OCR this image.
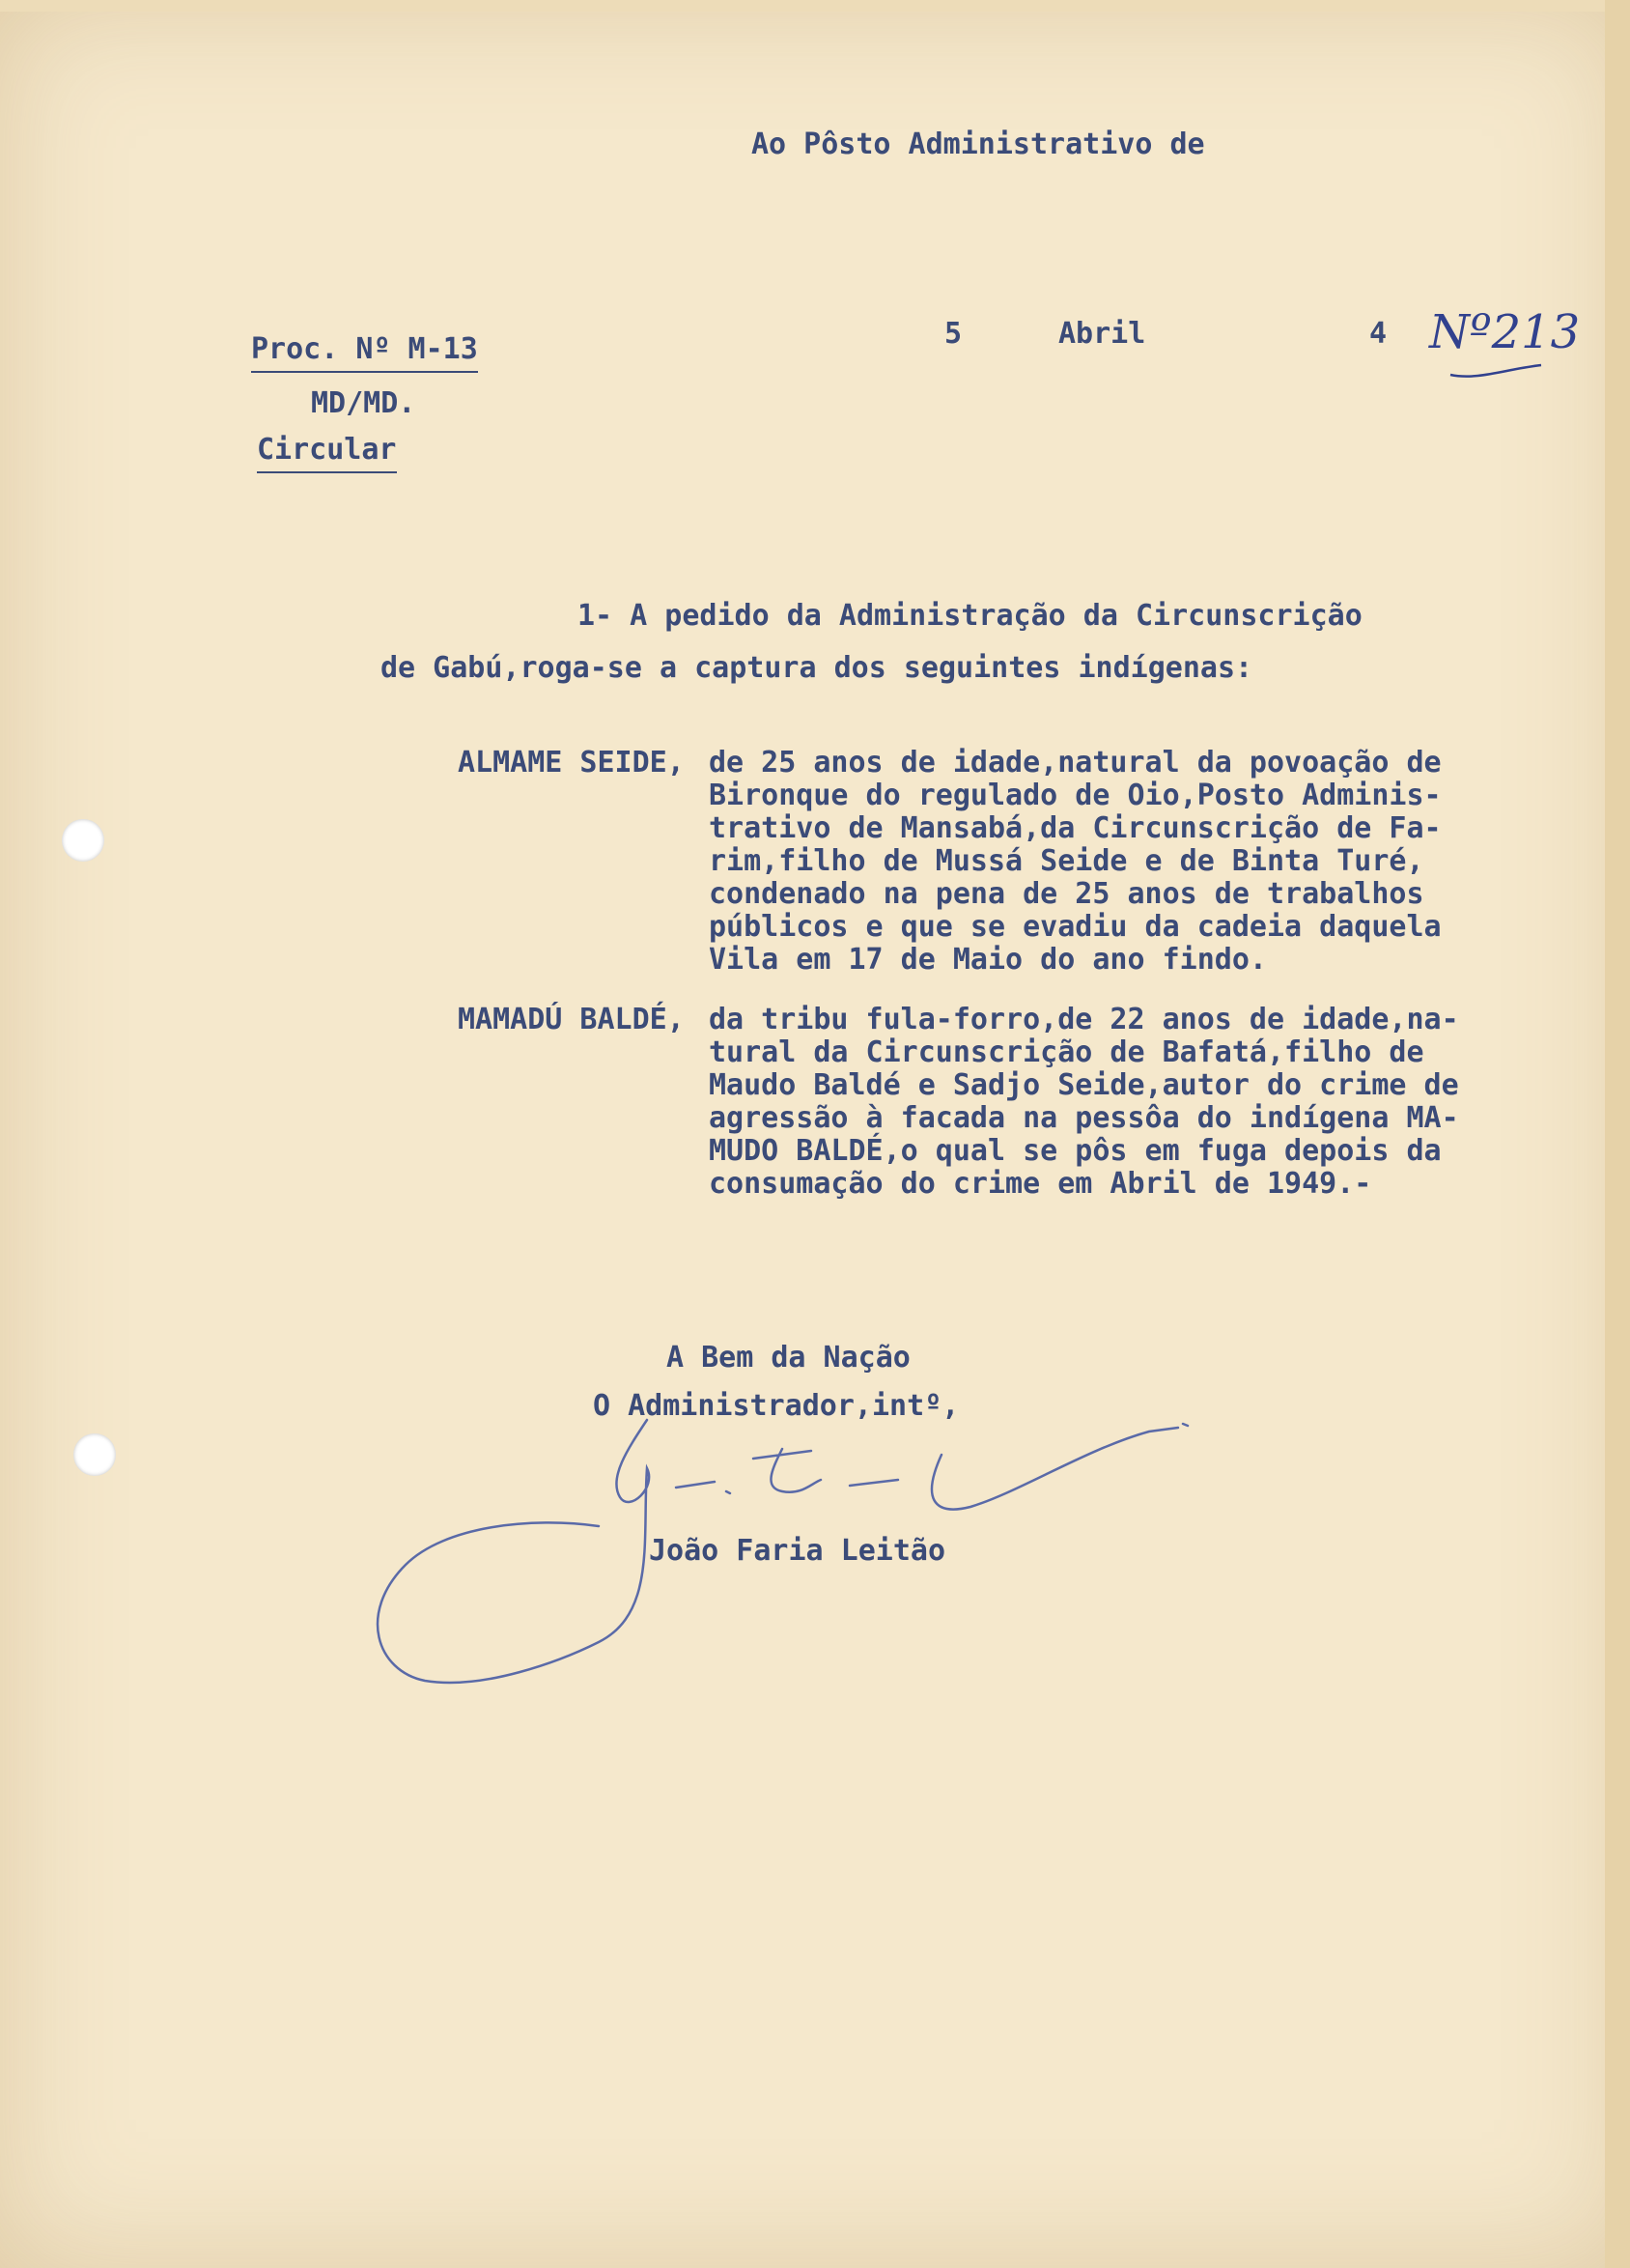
Ao Pôsto Administrativo de

Proc. Nº M-13

MD/MD.

Circular

5	Abril	4 Nº213

1- A pedido da Administração da Circunscrição

de Gabú,roga-se a captura dos seguintes indígenas:

ALMAME SEIDE, de 25 anos de idade,natural da povoação de

Bironque do regulado de Oio,Posto Adminis-

trativo de Mansabá,da Circunscrição de Fa-

rim,filho de Mussá Seide e de Binta Turé,

condenado na pena de 25 anos de trabalhos

públicos e que se evadiu da cadeia daquela

Vila em 17 de Maio do ano findo.

MAMADÚ BALDÉ, da tribu fula-forro,de 22 anos de idade,na-

tural da Circunscrição de Bafatá,filho de

Maudo Baldé e Sadjo Seide,autor do crime de

agressão à facada na pessôa do indígena MA-

MUDO BALDÉ,o qual se pôs em fuga depois da

consumação do crime em Abril de 1949.-

A Bem da Nação

O Administrador,intº,

João Faria Leitão
